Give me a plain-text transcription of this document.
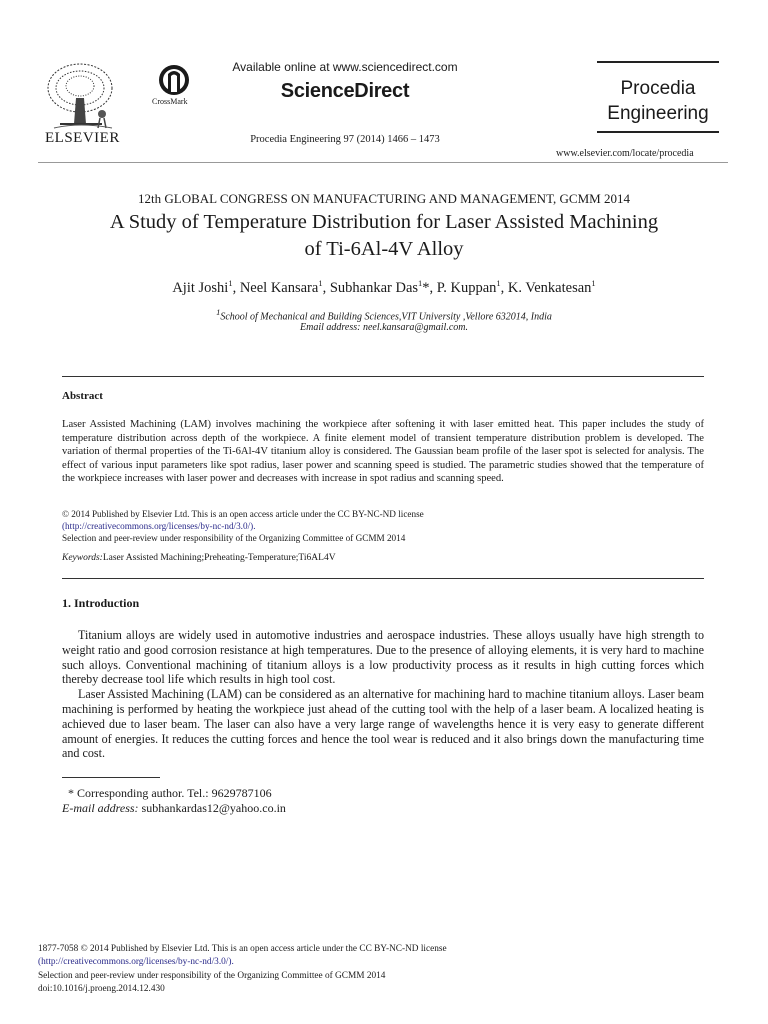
ELSEVIER
CrossMark
Available online at www.sciencedirect.com
ScienceDirect
Procedia Engineering 97 (2014) 1466 – 1473
Procedia
Engineering
www.elsevier.com/locate/procedia
12th GLOBAL CONGRESS ON MANUFACTURING AND MANAGEMENT, GCMM 2014
A Study of Temperature Distribution for Laser Assisted Machining
of Ti-6Al-4V Alloy
Ajit Joshi$^1$, Neel Kansara$^1$, Subhankar Das$^1$*, P. Kuppan$^1$, K. Venkatesan$^1$
$^1$School of Mechanical and Building Sciences,VIT University ,Vellore 632014, India
Email address: neel.kansara@gmail.com.
Abstract
Laser Assisted Machining (LAM) involves machining the workpiece after softening it with laser emitted heat. This paper includes the study of temperature distribution across depth of the workpiece. A finite element model of transient temperature distribution problem is developed. The variation of thermal properties of the Ti-6Al-4V titanium alloy is considered. The Gaussian beam profile of the laser spot is selected for analysis. The effect of various input parameters like spot radius, laser power and scanning speed is studied. The parametric studies showed that the temperature of the workpiece increases with laser power and decreases with increase in spot radius and scanning speed.
© 2014 Published by Elsevier Ltd. This is an open access article under the CC BY-NC-ND license
(http://creativecommons.org/licenses/by-nc-nd/3.0/).
Selection and peer-review under responsibility of the Organizing Committee of GCMM 2014
Keywords:Laser Assisted Machining;Preheating-Temperature;Ti6AL4V
1. Introduction

Titanium alloys are widely used in automotive industries and aerospace industries. These alloys usually have high strength to weight ratio and good corrosion resistance at high temperatures. Due to the presence of alloying elements, it is very hard to machine such alloys. Conventional machining of titanium alloys is a low productivity process as it results in high cutting forces which thereby decrease tool life which results in high tool cost.

Laser Assisted Machining (LAM) can be considered as an alternative for machining hard to machine titanium alloys. Laser beam machining is performed by heating the workpiece just ahead of the cutting tool with the help of a laser beam. A localized heating is achieved due to laser beam. The laser can also have a very large range of wavelengths hence it is very easy to generate different amount of energies. It reduces the cutting forces and hence the tool wear is reduced and it also brings down the manufacturing time and cost.

* Corresponding author. Tel.: 9629787106
E-mail address: subhankardas12@yahoo.co.in
1877-7058 © 2014 Published by Elsevier Ltd. This is an open access article under the CC BY-NC-ND license
(http://creativecommons.org/licenses/by-nc-nd/3.0/).
Selection and peer-review under responsibility of the Organizing Committee of GCMM 2014
doi:10.1016/j.proeng.2014.12.430
